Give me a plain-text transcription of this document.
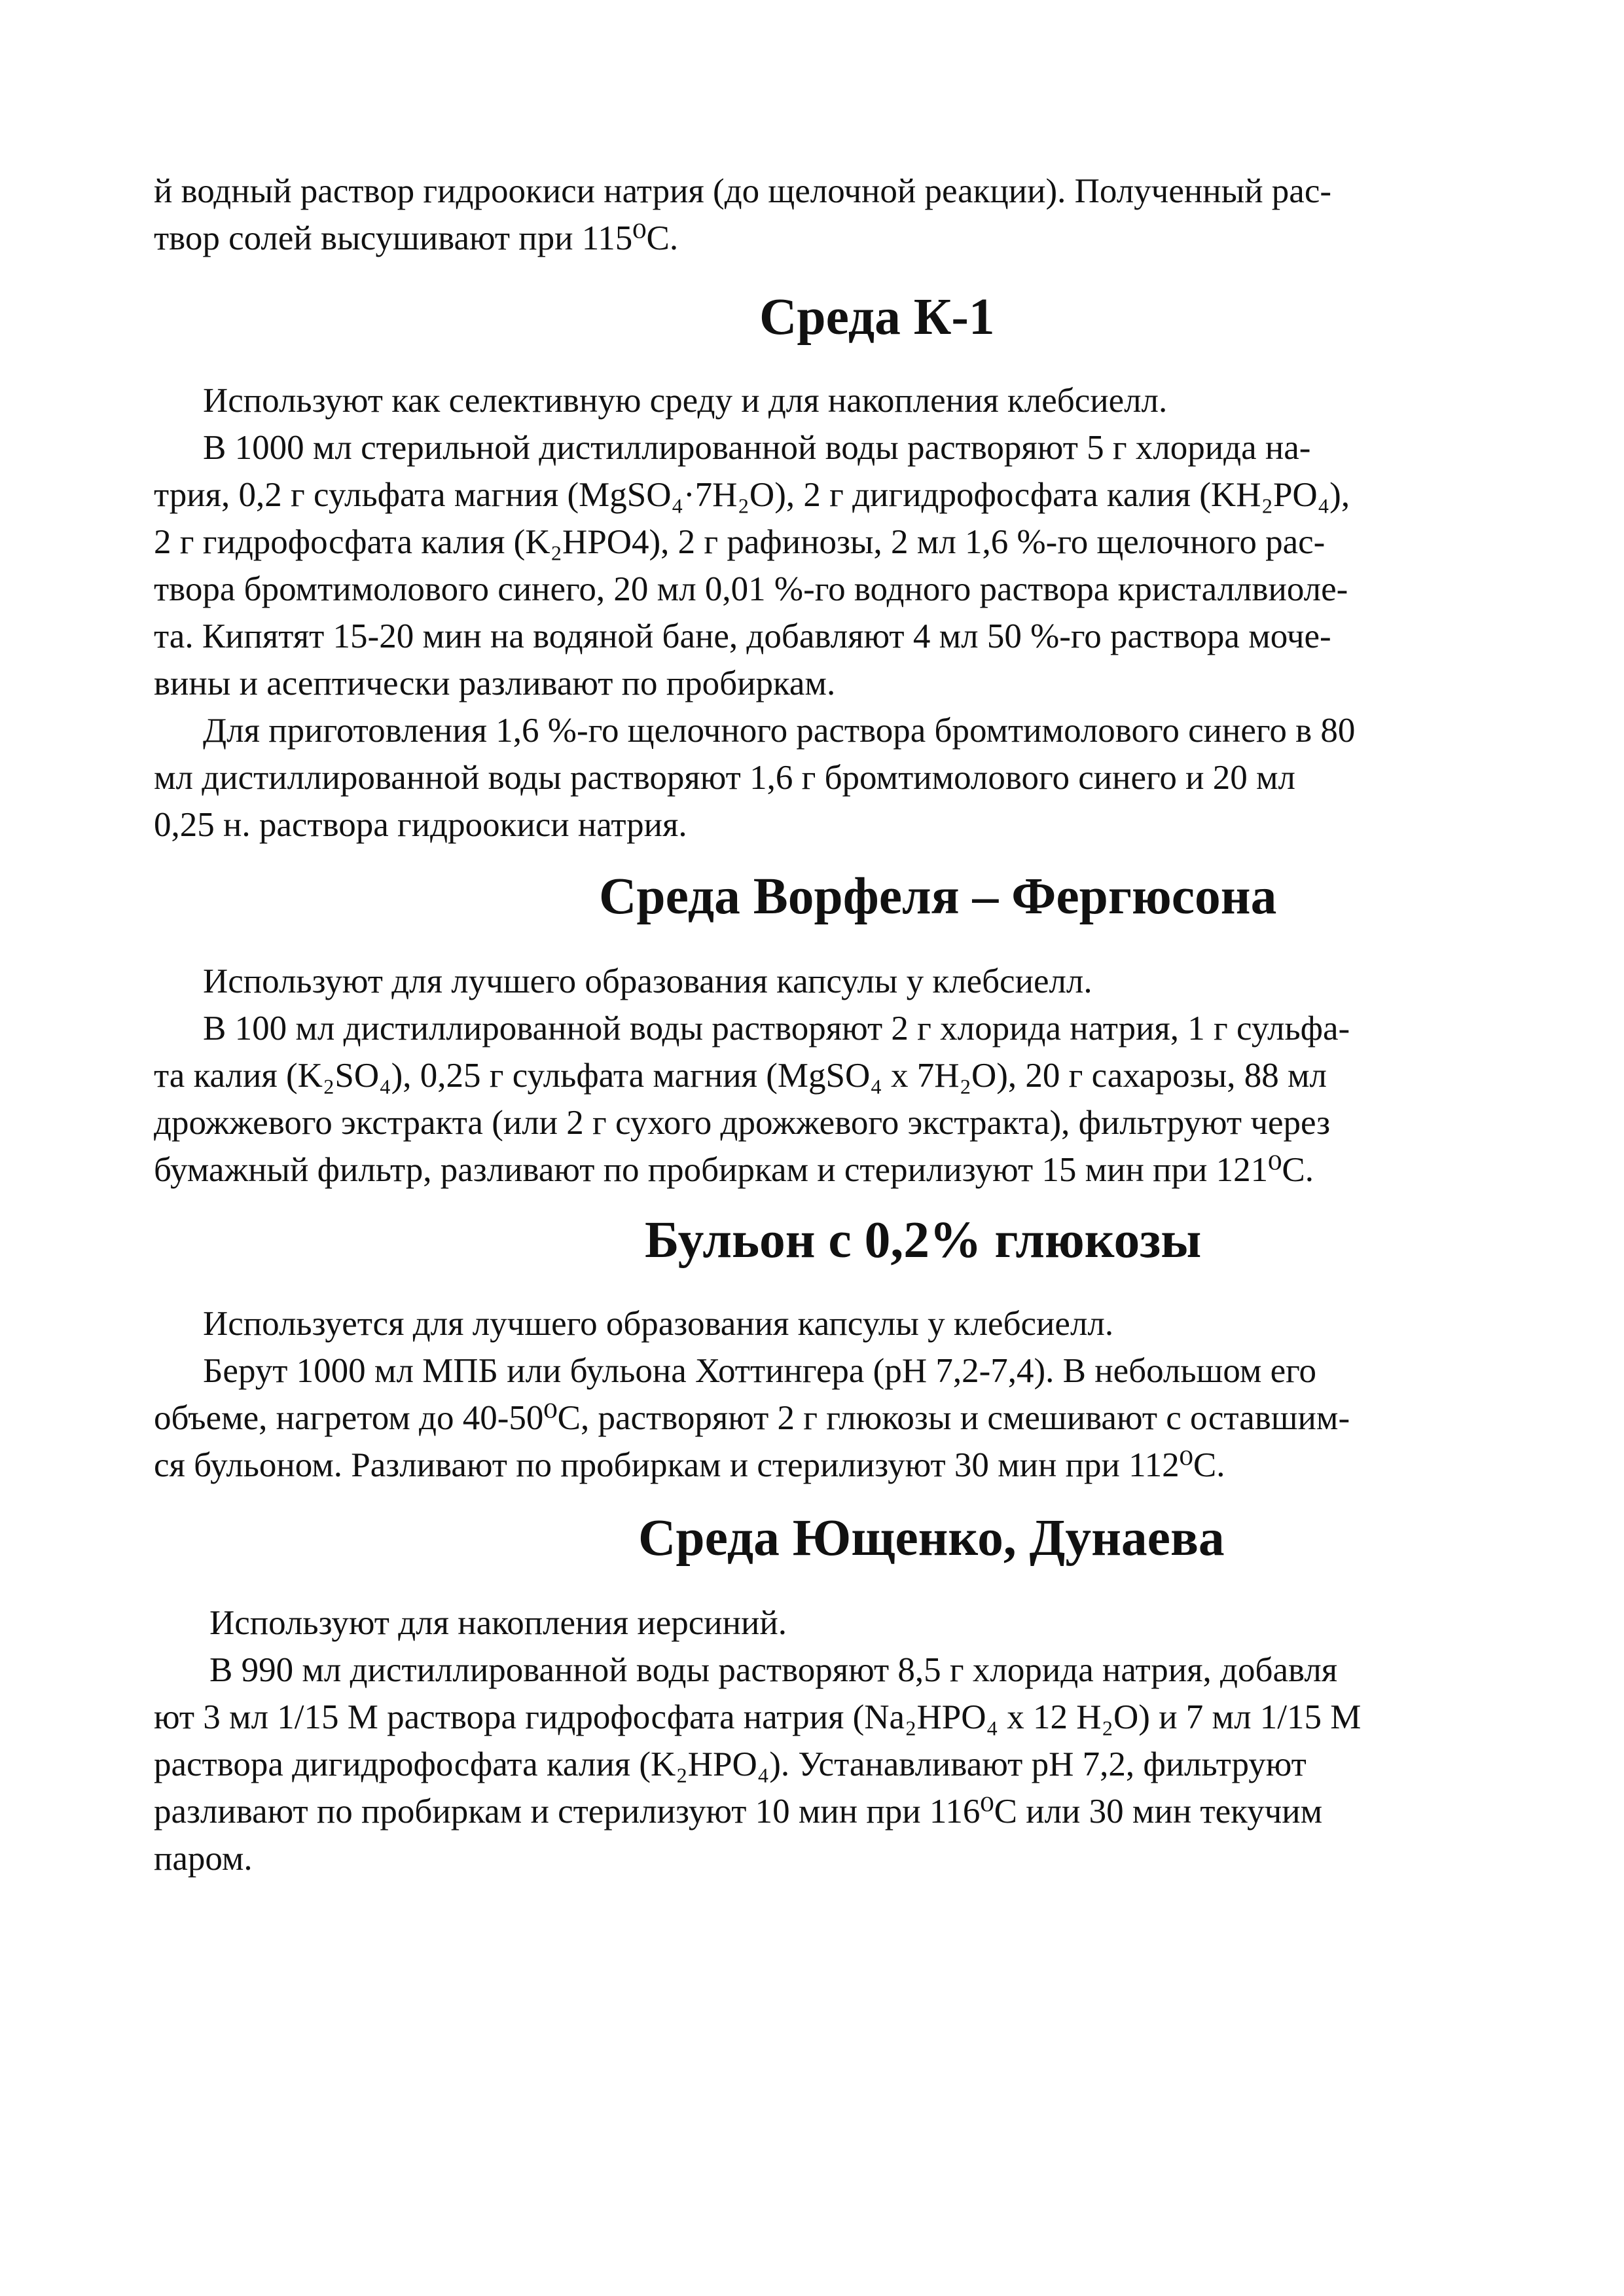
й водный раствор гидроокиси натрия (до щелочной реакции). Полученный рас-

твор солей высушивают при 115⁰С.

Среда К-1

Используют как селективную среду и для накопления клебсиелл.

В 1000 мл стерильной дистиллированной воды растворяют 5 г хлорида на-

трия, 0,2 г сульфата магния (MgSO₄·7H₂O), 2 г дигидрофосфата калия (KH₂PO₄),

2 г гидрофосфата калия (K₂HPO4), 2 г рафинозы, 2 мл 1,6 %-го щелочного рас-

твора бромтимолового синего, 20 мл 0,01 %-го водного раствора кристаллвиоле-

та. Кипятят 15-20 мин на водяной бане, добавляют 4 мл 50 %-го раствора моче-

вины и асептически разливают по пробиркам.

Для приготовления 1,6 %-го щелочного раствора бромтимолового синего в 80

мл дистиллированной воды растворяют 1,6 г бромтимолового синего и 20 мл

0,25 н. раствора гидроокиси натрия.

Среда Ворфеля – Фергюсона

Используют для лучшего образования капсулы у клебсиелл.

В 100 мл дистиллированной воды растворяют 2 г хлорида натрия, 1 г сульфа-

та калия (K₂SO₄), 0,25 г сульфата магния (MgSO₄ x 7H₂O), 20 г сахарозы, 88 мл

дрожжевого экстракта (или 2 г сухого дрожжевого экстракта), фильтруют через

бумажный фильтр, разливают по пробиркам и стерилизуют 15 мин при 121⁰С.

Бульон с 0,2% глюкозы

Используется для лучшего образования капсулы у клебсиелл.

Берут 1000 мл МПБ или бульона Хоттингера (рН 7,2-7,4). В небольшом его

объеме, нагретом до 40-50⁰С, растворяют 2 г глюкозы и смешивают с оставшим-

ся бульоном. Разливают по пробиркам и стерилизуют 30 мин при 112⁰С.

Среда Ющенко, Дунаева

Используют для накопления иерсиний.

В 990 мл дистиллированной воды растворяют 8,5 г хлорида натрия, добавля

ют 3 мл 1/15 М раствора гидрофосфата натрия (Na₂HPO₄ x 12 H₂O) и 7 мл 1/15 М

раствора дигидрофосфата калия (K₂HPO₄). Устанавливают рН 7,2, фильтруют

разливают по пробиркам и стерилизуют 10 мин при 116⁰С или 30 мин текучим

паром.
